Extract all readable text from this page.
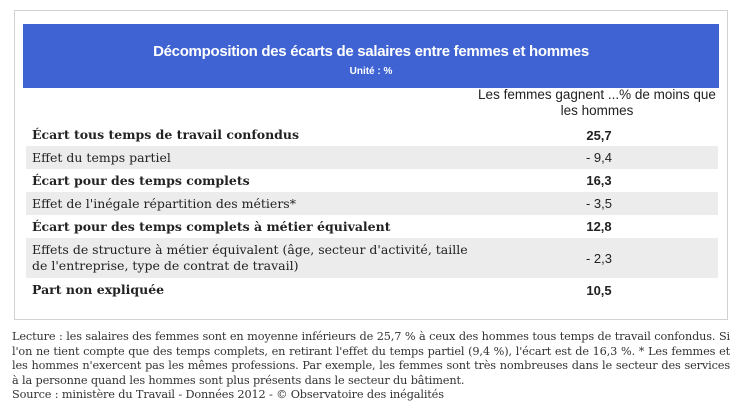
Décomposition des écarts de salaires entre femmes et hommes
Unité : %
Les femmes gagnent ...% de moins que les hommes
Écart tous temps de travail confondus	25,7
Effet du temps partiel	- 9,4
Écart pour des temps complets	16,3
Effet de l'inégale répartition des métiers*	- 3,5
Écart pour des temps complets à métier équivalent	12,8
Effets de structure à métier équivalent (âge, secteur d'activité, taille de l'entreprise, type de contrat de travail)	- 2,3
Part non expliquée	10,5
Lecture : les salaires des femmes sont en moyenne inférieurs de 25,7 % à ceux des hommes tous temps de travail confondus. Si l'on ne tient compte que des temps complets, en retirant l'effet du temps partiel (9,4 %), l'écart est de 16,3 %. * Les femmes et les hommes n'exercent pas les mêmes professions. Par exemple, les femmes sont très nombreuses dans le secteur des services à la personne quand les hommes sont plus présents dans le secteur du bâtiment.
Source : ministère du Travail - Données 2012 - © Observatoire des inégalités
